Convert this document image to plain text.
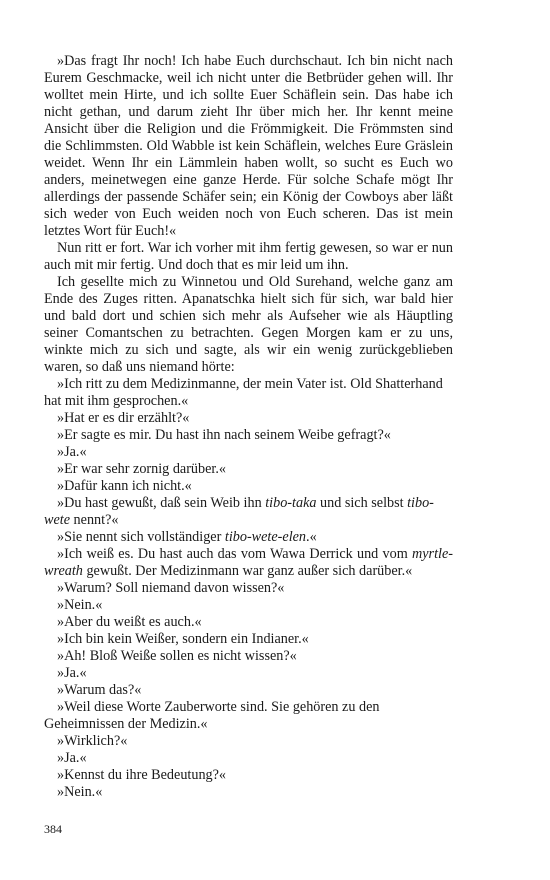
»Das fragt Ihr noch! Ich habe Euch durchschaut. Ich bin nicht nach Eurem Geschmacke, weil ich nicht unter die Betbrüder gehen will. Ihr wolltet mein Hirte, und ich sollte Euer Schäflein sein. Das habe ich nicht gethan, und darum zieht Ihr über mich her. Ihr kennt meine Ansicht über die Religion und die Frömmigkeit. Die Frömmsten sind die Schlimmsten. Old Wabble ist kein Schäflein, welches Eure Gräslein weidet. Wenn Ihr ein Lämmlein haben wollt, so sucht es Euch wo anders, meinetwegen eine ganze Herde. Für solche Schafe mögt Ihr allerdings der passende Schäfer sein; ein König der Cowboys aber läßt sich weder von Euch weiden noch von Euch scheren. Das ist mein letztes Wort für Euch!«

Nun ritt er fort. War ich vorher mit ihm fertig gewesen, so war er nun auch mit mir fertig. Und doch that es mir leid um ihn.

Ich gesellte mich zu Winnetou und Old Surehand, welche ganz am Ende des Zuges ritten. Apanatschka hielt sich für sich, war bald hier und bald dort und schien sich mehr als Aufseher wie als Häuptling seiner Comantschen zu betrachten. Gegen Morgen kam er zu uns, winkte mich zu sich und sagte, als wir ein wenig zurückgeblieben waren, so daß uns niemand hörte:

»Ich ritt zu dem Medizinmanne, der mein Vater ist. Old Shatterhand hat mit ihm gesprochen.«

»Hat er es dir erzählt?«

»Er sagte es mir. Du hast ihn nach seinem Weibe gefragt?«

»Ja.«

»Er war sehr zornig darüber.«

»Dafür kann ich nicht.«

»Du hast gewußt, daß sein Weib ihn tibo-taka und sich selbst tibo-wete nennt?«

»Sie nennt sich vollständiger tibo-wete-elen.«

»Ich weiß es. Du hast auch das vom Wawa Derrick und vom myrtle-wreath gewußt. Der Medizinmann war ganz außer sich darüber.«

»Warum? Soll niemand davon wissen?«

»Nein.«

»Aber du weißt es auch.«

»Ich bin kein Weißer, sondern ein Indianer.«

»Ah! Bloß Weiße sollen es nicht wissen?«

»Ja.«

»Warum das?«

»Weil diese Worte Zauberworte sind. Sie gehören zu den Geheimnissen der Medizin.«

»Wirklich?«

»Ja.«

»Kennst du ihre Bedeutung?«

»Nein.«

384
